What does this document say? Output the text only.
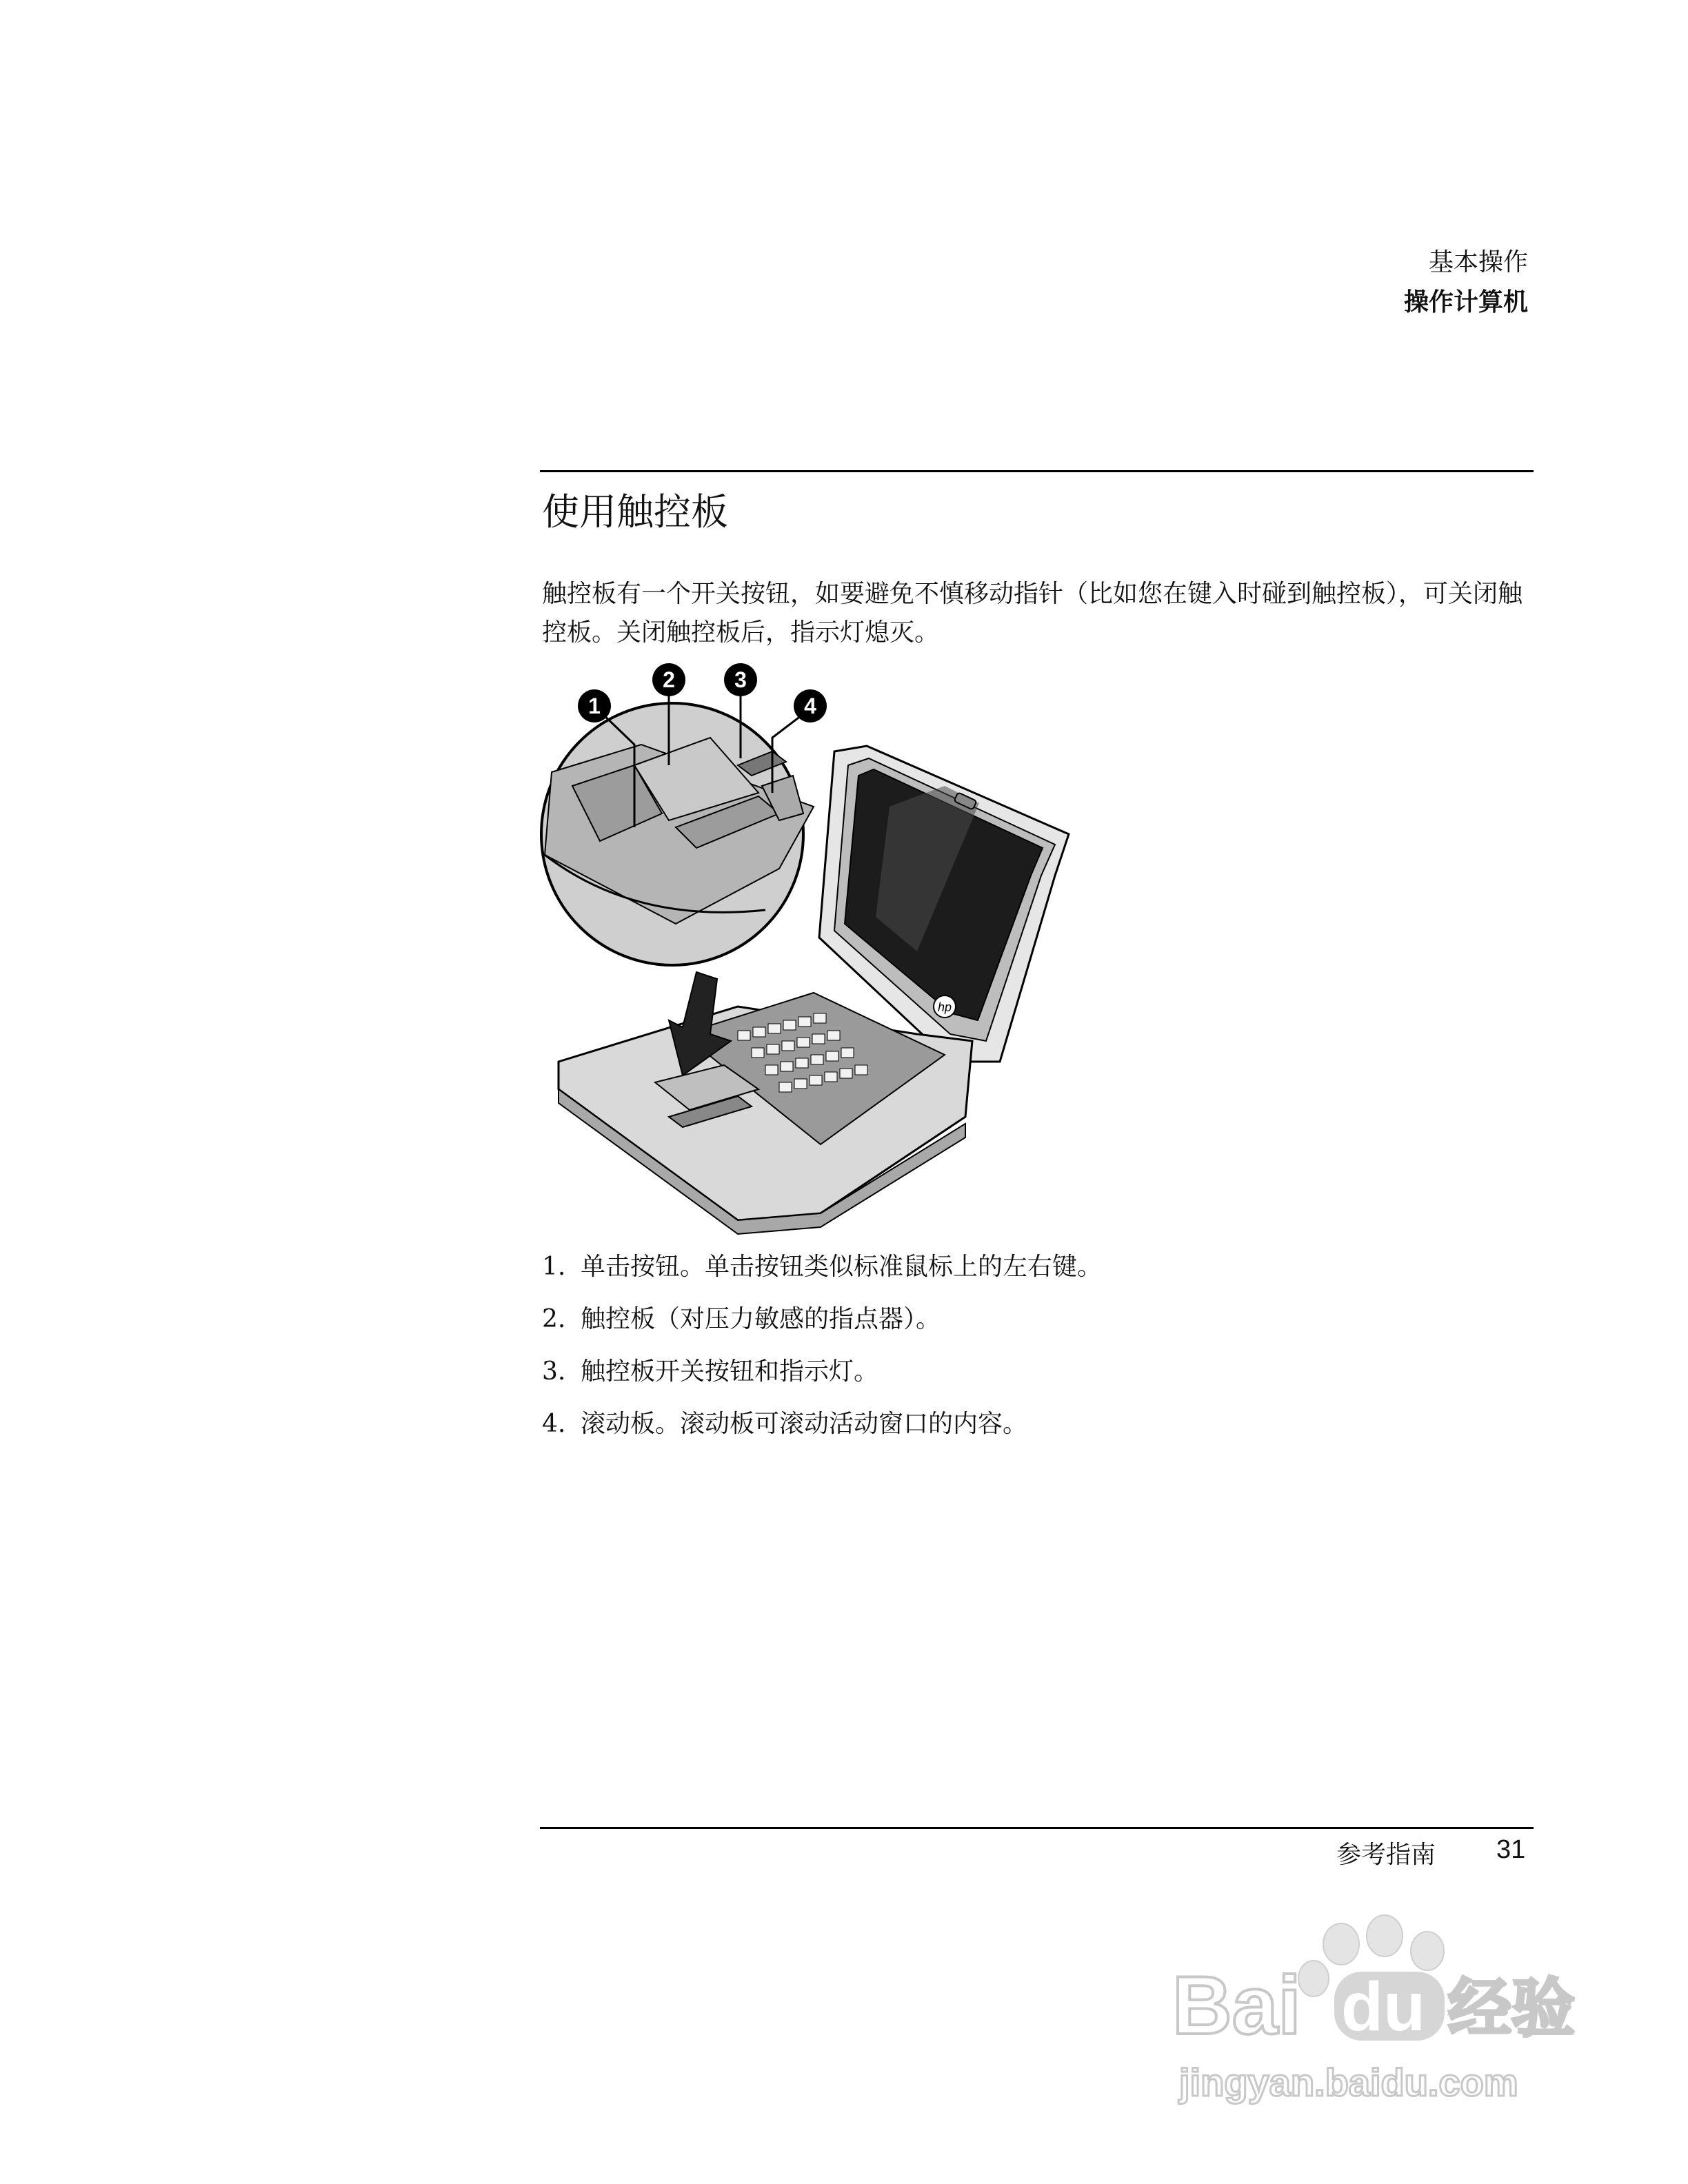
基本操作
操作计算机
使用触控板
触控板有一个开关按钮，如要避免不慎移动指针（比如您在键入时碰到触控板），可关闭触控板。关闭触控板后，指示灯熄灭。
1
2	3
4
hp
1. 单击按钮。单击按钮类似标准鼠标上的左右键。
2. 触控板（对压力敏感的指点器）。
3. 触控板开关按钮和指示灯。
4. 滚动板。滚动板可滚动活动窗口的内容。
参考指南 31
Bai du 经验
jingyan.baidu.com
